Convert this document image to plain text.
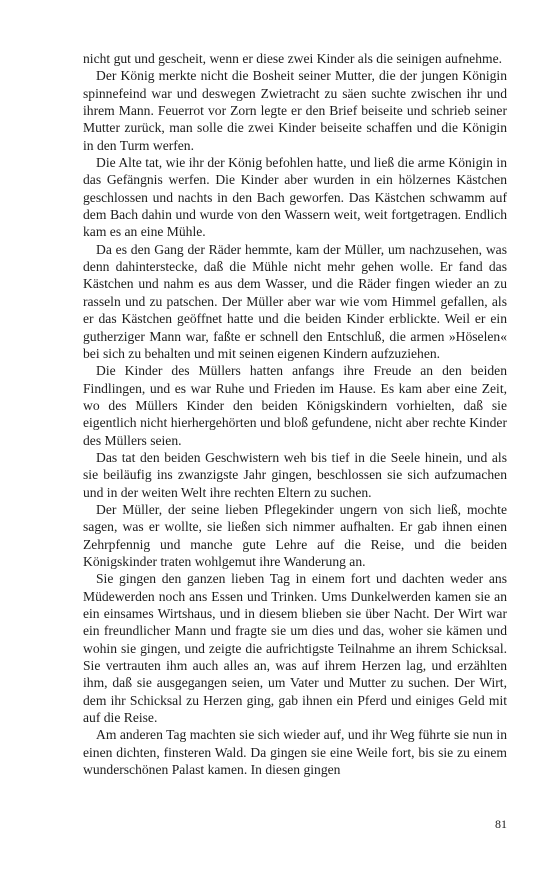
nicht gut und gescheit, wenn er diese zwei Kinder als die seinigen aufnehme.

Der König merkte nicht die Bosheit seiner Mutter, die der jungen Königin spinnefeind war und deswegen Zwietracht zu säen suchte zwischen ihr und ihrem Mann. Feuerrot vor Zorn legte er den Brief beiseite und schrieb seiner Mutter zurück, man solle die zwei Kinder beiseite schaffen und die Königin in den Turm werfen.

Die Alte tat, wie ihr der König befohlen hatte, und ließ die arme Königin in das Gefängnis werfen. Die Kinder aber wurden in ein hölzernes Kästchen geschlossen und nachts in den Bach geworfen. Das Kästchen schwamm auf dem Bach dahin und wurde von den Wassern weit, weit fortgetragen. Endlich kam es an eine Mühle.

Da es den Gang der Räder hemmte, kam der Müller, um nachzusehen, was denn dahinterstecke, daß die Mühle nicht mehr gehen wolle. Er fand das Kästchen und nahm es aus dem Wasser, und die Räder fingen wieder an zu rasseln und zu patschen. Der Müller aber war wie vom Himmel gefallen, als er das Kästchen geöffnet hatte und die beiden Kinder erblickte. Weil er ein gutherziger Mann war, faßte er schnell den Entschluß, die armen »Höselen« bei sich zu behalten und mit seinen eigenen Kindern aufzuziehen.

Die Kinder des Müllers hatten anfangs ihre Freude an den beiden Findlingen, und es war Ruhe und Frieden im Hause. Es kam aber eine Zeit, wo des Müllers Kinder den beiden Königskindern vorhielten, daß sie eigentlich nicht hierhergehörten und bloß gefundene, nicht aber rechte Kinder des Müllers seien.

Das tat den beiden Geschwistern weh bis tief in die Seele hinein, und als sie beiläufig ins zwanzigste Jahr gingen, beschlossen sie sich aufzumachen und in der weiten Welt ihre rechten Eltern zu suchen.

Der Müller, der seine lieben Pflegekinder ungern von sich ließ, mochte sagen, was er wollte, sie ließen sich nimmer aufhalten. Er gab ihnen einen Zehrpfennig und manche gute Lehre auf die Reise, und die beiden Königskinder traten wohlgemut ihre Wanderung an.

Sie gingen den ganzen lieben Tag in einem fort und dachten weder ans Müdewerden noch ans Essen und Trinken. Ums Dunkelwerden kamen sie an ein einsames Wirtshaus, und in diesem blieben sie über Nacht. Der Wirt war ein freundlicher Mann und fragte sie um dies und das, woher sie kämen und wohin sie gingen, und zeigte die aufrichtigste Teilnahme an ihrem Schicksal. Sie vertrauten ihm auch alles an, was auf ihrem Herzen lag, und erzählten ihm, daß sie ausgegangen seien, um Vater und Mutter zu suchen. Der Wirt, dem ihr Schicksal zu Herzen ging, gab ihnen ein Pferd und einiges Geld mit auf die Reise.

Am anderen Tag machten sie sich wieder auf, und ihr Weg führte sie nun in einen dichten, finsteren Wald. Da gingen sie eine Weile fort, bis sie zu einem wunderschönen Palast kamen. In diesen gingen

81
